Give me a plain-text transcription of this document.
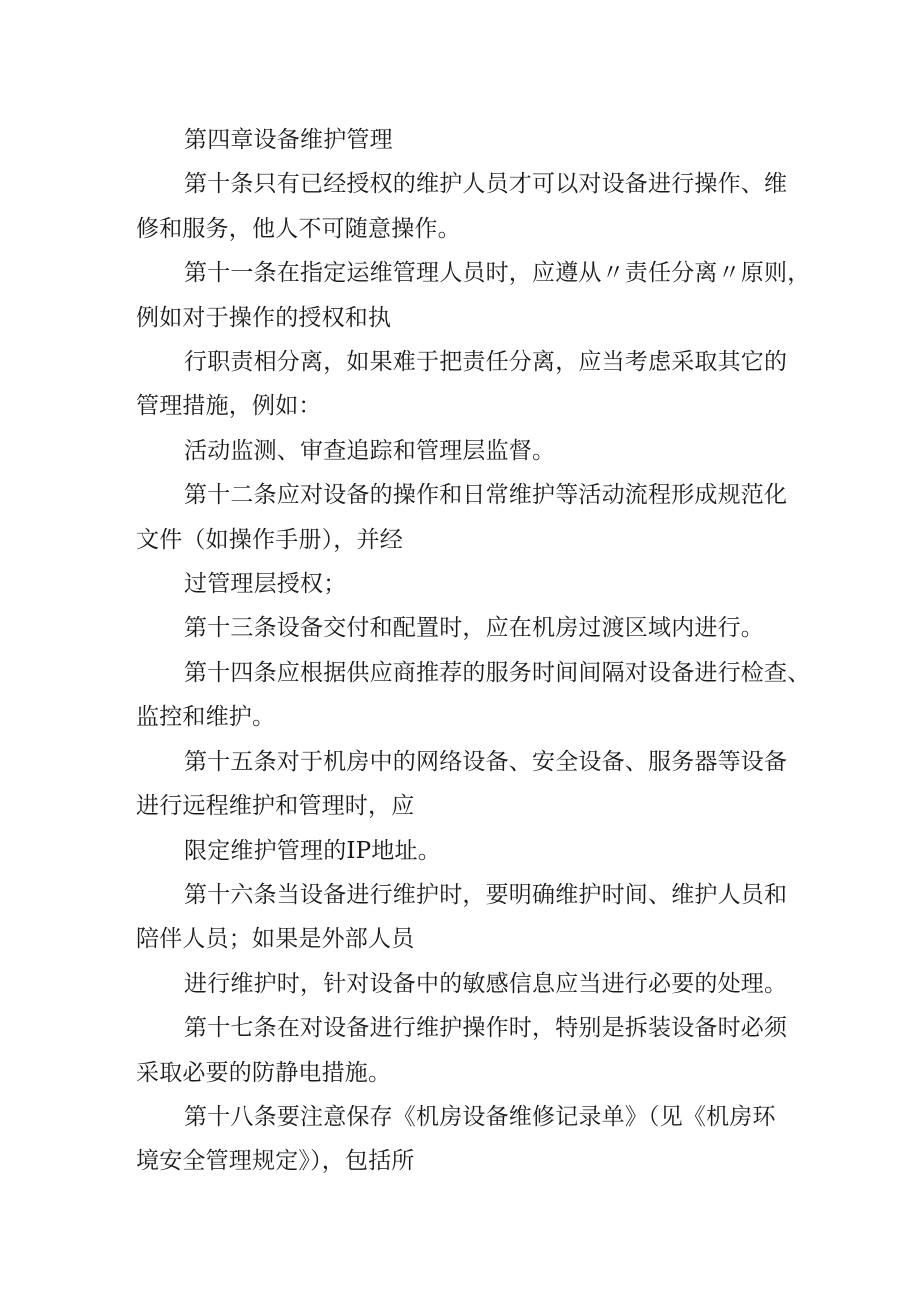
第四章设备维护管理
第十条只有已经授权的维护人员才可以对设备进行操作、维
修和服务，他人不可随意操作。
第十一条在指定运维管理人员时，应遵从〃责任分离〃原则，
例如对于操作的授权和执
行职责相分离，如果难于把责任分离，应当考虑采取其它的
管理措施，例如：
活动监测、审查追踪和管理层监督。
第十二条应对设备的操作和日常维护等活动流程形成规范化
文件（如操作手册），并经
过管理层授权；
第十三条设备交付和配置时，应在机房过渡区域内进行。
第十四条应根据供应商推荐的服务时间间隔对设备进行检查、
监控和维护。
第十五条对于机房中的网络设备、安全设备、服务器等设备
进行远程维护和管理时，应
限定维护管理的IP地址。
第十六条当设备进行维护时，要明确维护时间、维护人员和
陪伴人员；如果是外部人员
进行维护时，针对设备中的敏感信息应当进行必要的处理。
第十七条在对设备进行维护操作时，特别是拆装设备时必须
采取必要的防静电措施。
第十八条要注意保存《机房设备维修记录单》（见《机房环
境安全管理规定》），包括所
